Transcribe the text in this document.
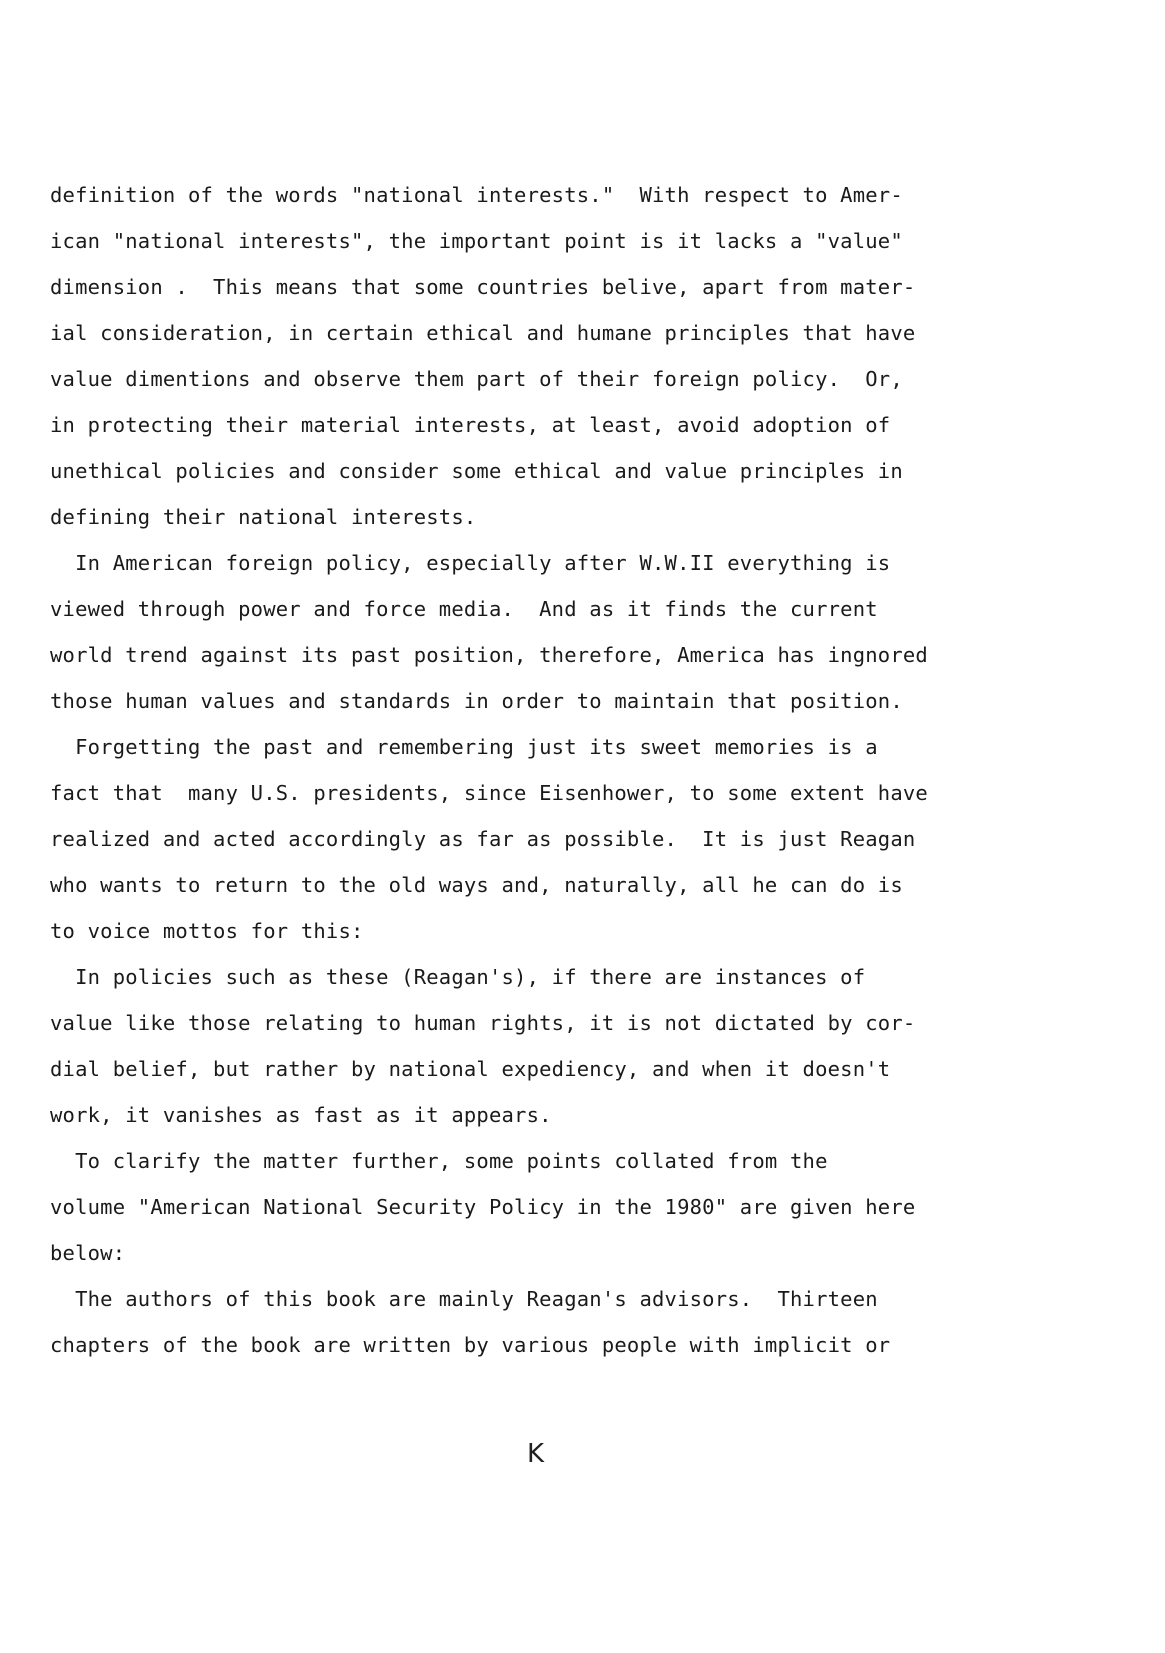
definition of the words "national interests."  With respect to Amer-
ican "national interests", the important point is it lacks a "value"
dimension .  This means that some countries belive, apart from mater-
ial consideration, in certain ethical and humane principles that have
value dimentions and observe them part of their foreign policy.  Or,
in protecting their material interests, at least, avoid adoption of
unethical policies and consider some ethical and value principles in
defining their national interests.
In American foreign policy, especially after W.W.II everything is
viewed through power and force media.  And as it finds the current
world trend against its past position, therefore, America has ingnored
those human values and standards in order to maintain that position.
Forgetting the past and remembering just its sweet memories is a
fact that  many U.S. presidents, since Eisenhower, to some extent have
realized and acted accordingly as far as possible.  It is just Reagan
who wants to return to the old ways and, naturally, all he can do is
to voice mottos for this:
In policies such as these (Reagan's), if there are instances of
value like those relating to human rights, it is not dictated by cor-
dial belief, but rather by national expediency, and when it doesn't
work, it vanishes as fast as it appears.
To clarify the matter further, some points collated from the
volume "American National Security Policy in the 1980" are given here
below:
The authors of this book are mainly Reagan's advisors.  Thirteen
chapters of the book are written by various people with implicit or
K
